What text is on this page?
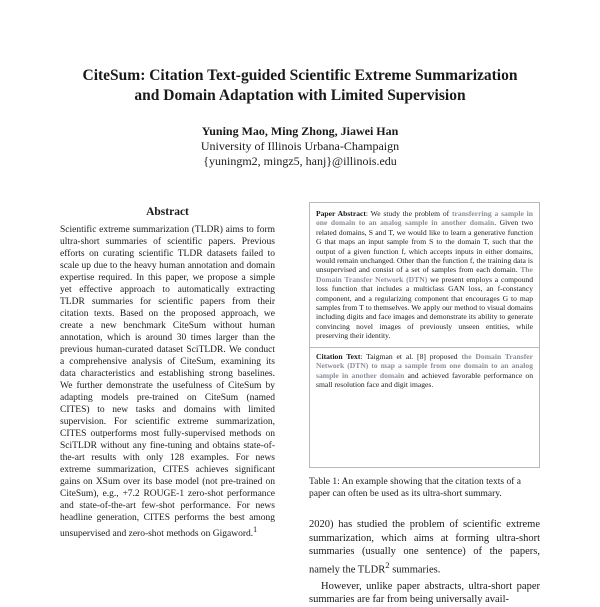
CiteSum: Citation Text-guided Scientific Extreme Summarization
and Domain Adaptation with Limited Supervision
Yuning Mao, Ming Zhong, Jiawei Han
University of Illinois Urbana-Champaign
{yuningm2, mingz5, hanj}@illinois.edu
Abstract
Scientific extreme summarization (TLDR) aims to form ultra-short summaries of scientific papers. Previous efforts on curating scientific TLDR datasets failed to scale up due to the heavy human annotation and domain expertise required. In this paper, we propose a simple yet effective approach to automatically extracting TLDR summaries for scientific papers from their citation texts. Based on the proposed approach, we create a new benchmark CiteSum without human annotation, which is around 30 times larger than the previous human-curated dataset SciTLDR. We conduct a comprehensive analysis of CiteSum, examining its data characteristics and establishing strong baselines. We further demonstrate the usefulness of CiteSum by adapting models pre-trained on CiteSum (named CITES) to new tasks and domains with limited supervision. For scientific extreme summarization, CITES outperforms most fully-supervised methods on SciTLDR without any fine-tuning and obtains state-of-the-art results with only 128 examples. For news extreme summarization, CITES achieves significant gains on XSum over its base model (not pre-trained on CiteSum), e.g., +7.2 ROUGE-1 zero-shot performance and state-of-the-art few-shot performance. For news headline generation, CITES performs the best among unsupervised and zero-shot methods on Gigaword.$^1$
Paper Abstract: We study the problem of transferring a sample in one domain to an analog sample in another domain. Given two related domains, S and T, we would like to learn a generative function G that maps an input sample from S to the domain T, such that the output of a given function f, which accepts inputs in either domains, would remain unchanged. Other than the function f, the training data is unsupervised and consist of a set of samples from each domain. The Domain Transfer Network (DTN) we present employs a compound loss function that includes a multiclass GAN loss, an f-constancy component, and a regularizing component that encourages G to map samples from T to themselves. We apply our method to visual domains including digits and face images and demonstrate its ability to generate convincing novel images of previously unseen entities, while preserving their identity.
Citation Text: Taigman et al. [8] proposed the Domain Transfer Network (DTN) to map a sample from one domain to an analog sample in another domain and achieved favorable performance on small resolution face and digit images.
Table 1: An example showing that the citation texts of a paper can often be used as its ultra-short summary.

2020) has studied the problem of scientific extreme summarization, which aims at forming ultra-short summaries (usually one sentence) of the papers, namely the TLDR$^2$ summaries.

However, unlike paper abstracts, ultra-short paper summaries are far from being universally avail-
